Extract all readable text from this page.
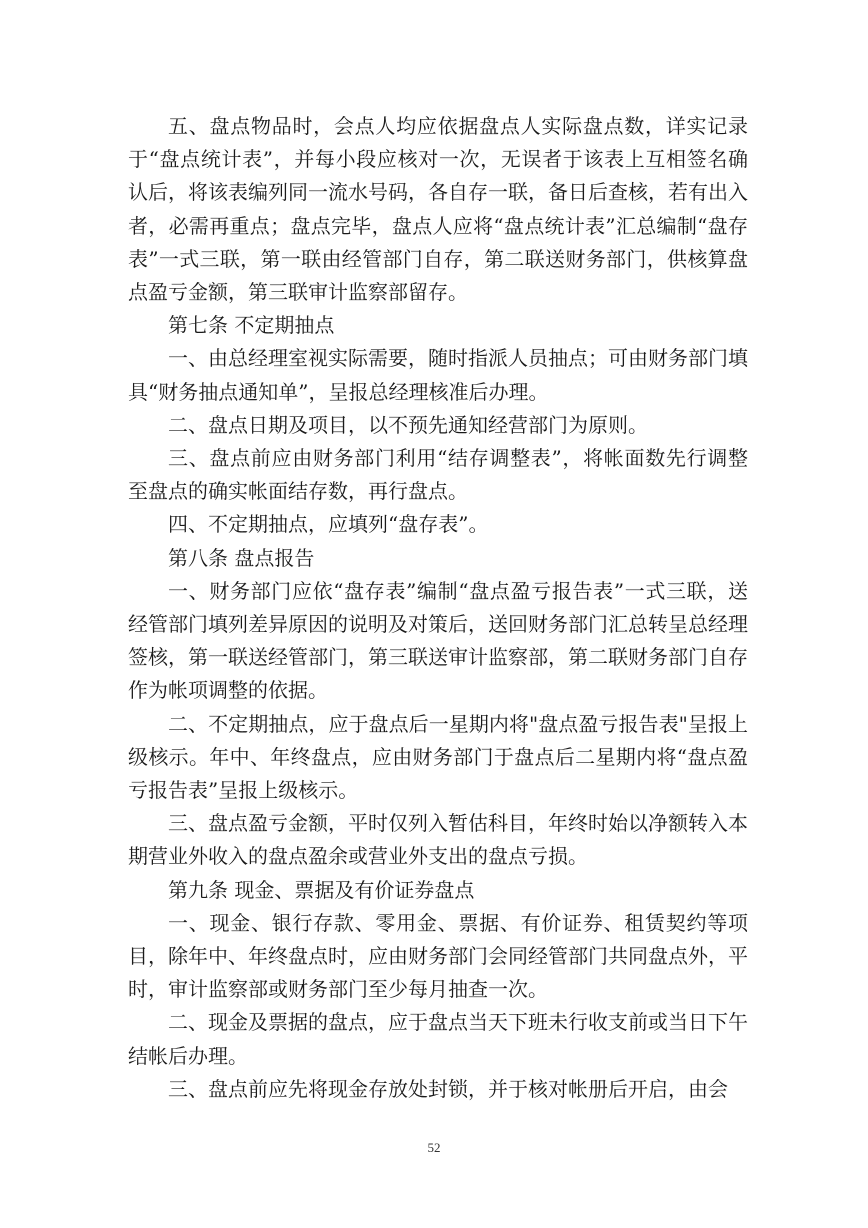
五、盘点物品时，会点人均应依据盘点人实际盘点数，详实记录于“盘点统计表”，并每小段应核对一次，无误者于该表上互相签名确认后，将该表编列同一流水号码，各自存一联，备日后查核，若有出入者，必需再重点；盘点完毕，盘点人应将“盘点统计表”汇总编制“盘存表”一式三联，第一联由经管部门自存，第二联送财务部门，供核算盘点盈亏金额，第三联审计监察部留存。

第七条 不定期抽点

一、由总经理室视实际需要，随时指派人员抽点；可由财务部门填具“财务抽点通知单”，呈报总经理核准后办理。

二、盘点日期及项目，以不预先通知经营部门为原则。

三、盘点前应由财务部门利用“结存调整表”，将帐面数先行调整至盘点的确实帐面结存数，再行盘点。

四、不定期抽点，应填列“盘存表”。

第八条 盘点报告

一、财务部门应依“盘存表”编制“盘点盈亏报告表”一式三联，送经管部门填列差异原因的说明及对策后，送回财务部门汇总转呈总经理签核，第一联送经管部门，第三联送审计监察部，第二联财务部门自存作为帐项调整的依据。

二、不定期抽点，应于盘点后一星期内将"盘点盈亏报告表"呈报上级核示。年中、年终盘点，应由财务部门于盘点后二星期内将“盘点盈亏报告表”呈报上级核示。

三、盘点盈亏金额，平时仅列入暂估科目，年终时始以净额转入本期营业外收入的盘点盈余或营业外支出的盘点亏损。

第九条 现金、票据及有价证券盘点

一、现金、银行存款、零用金、票据、有价证券、租赁契约等项目，除年中、年终盘点时，应由财务部门会同经管部门共同盘点外，平时，审计监察部或财务部门至少每月抽查一次。

二、现金及票据的盘点，应于盘点当天下班未行收支前或当日下午结帐后办理。

三、盘点前应先将现金存放处封锁，并于核对帐册后开启，由会

52
